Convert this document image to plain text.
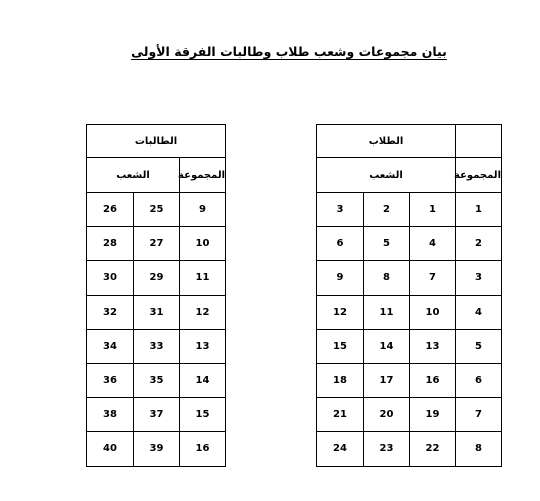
بيان مجموعات وشعب طلاب وطالبات الفرقة الأولى
	الطلاب		
المجموعة	الشعب		
1	1	2	3
2	4	5	6
3	7	8	9
4	10	11	12
5	13	14	15
6	16	17	18
7	19	20	21
8	22	23	24
الطالبات		
المجموعة	الشعب	
9	25	26
10	27	28
11	29	30
12	31	32
13	33	34
14	35	36
15	37	38
16	39	40
